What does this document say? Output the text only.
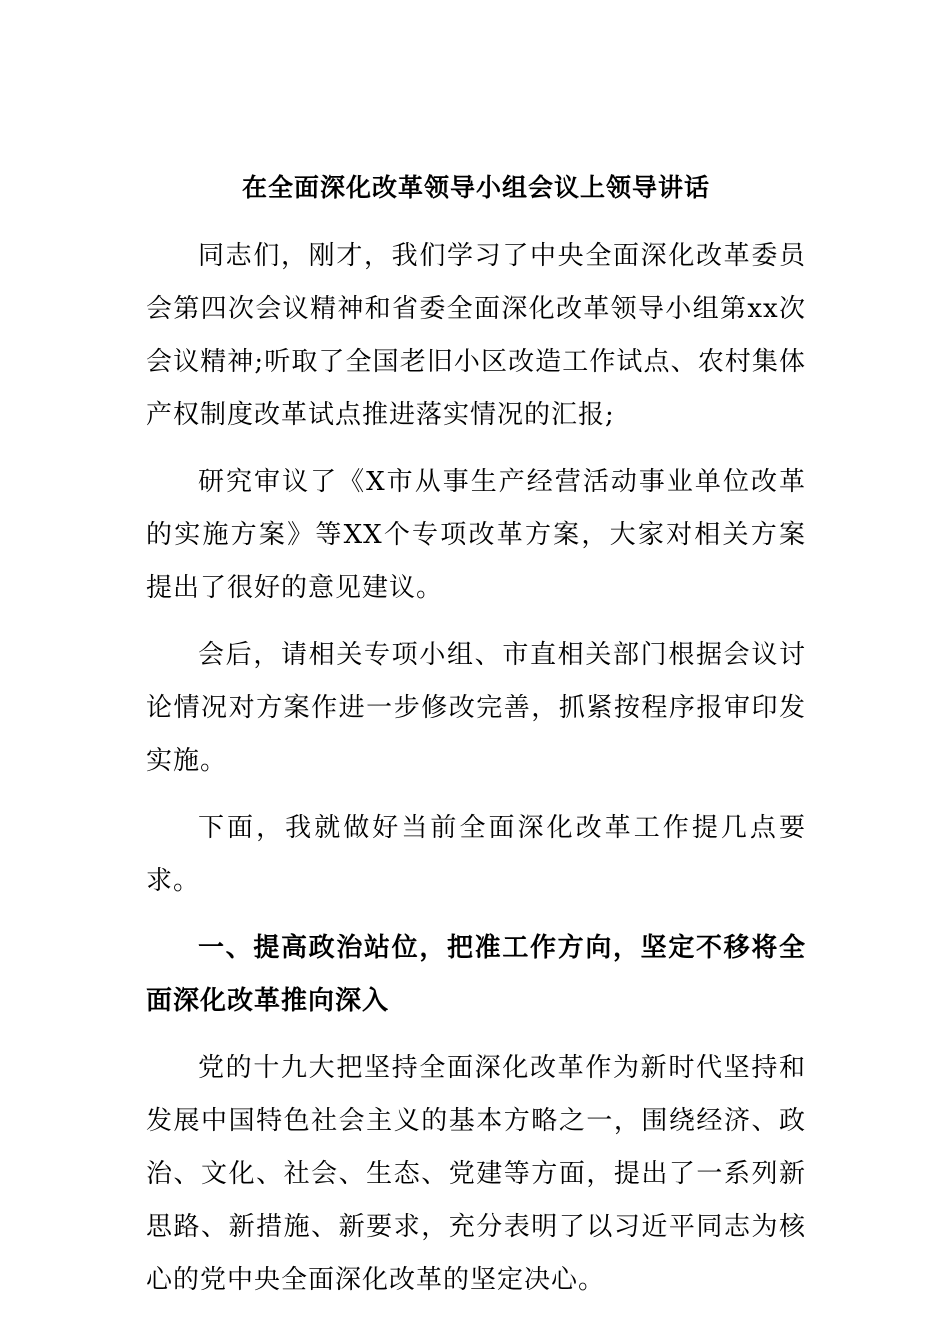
在全面深化改革领导小组会议上领导讲话

同志们，刚才，我们学习了中央全面深化改革委员会第四次会议精神和省委全面深化改革领导小组第xx次会议精神;听取了全国老旧小区改造工作试点、农村集体产权制度改革试点推进落实情况的汇报;

研究审议了《X市从事生产经营活动事业单位改革的实施方案》等XX个专项改革方案，大家对相关方案提出了很好的意见建议。

会后，请相关专项小组、市直相关部门根据会议讨论情况对方案作进一步修改完善，抓紧按程序报审印发实施。

下面，我就做好当前全面深化改革工作提几点要求。

一、提高政治站位，把准工作方向，坚定不移将全面深化改革推向深入

党的十九大把坚持全面深化改革作为新时代坚持和发展中国特色社会主义的基本方略之一，围绕经济、政治、文化、社会、生态、党建等方面，提出了一系列新思路、新措施、新要求，充分表明了以习近平同志为核心的党中央全面深化改革的坚定决心。
